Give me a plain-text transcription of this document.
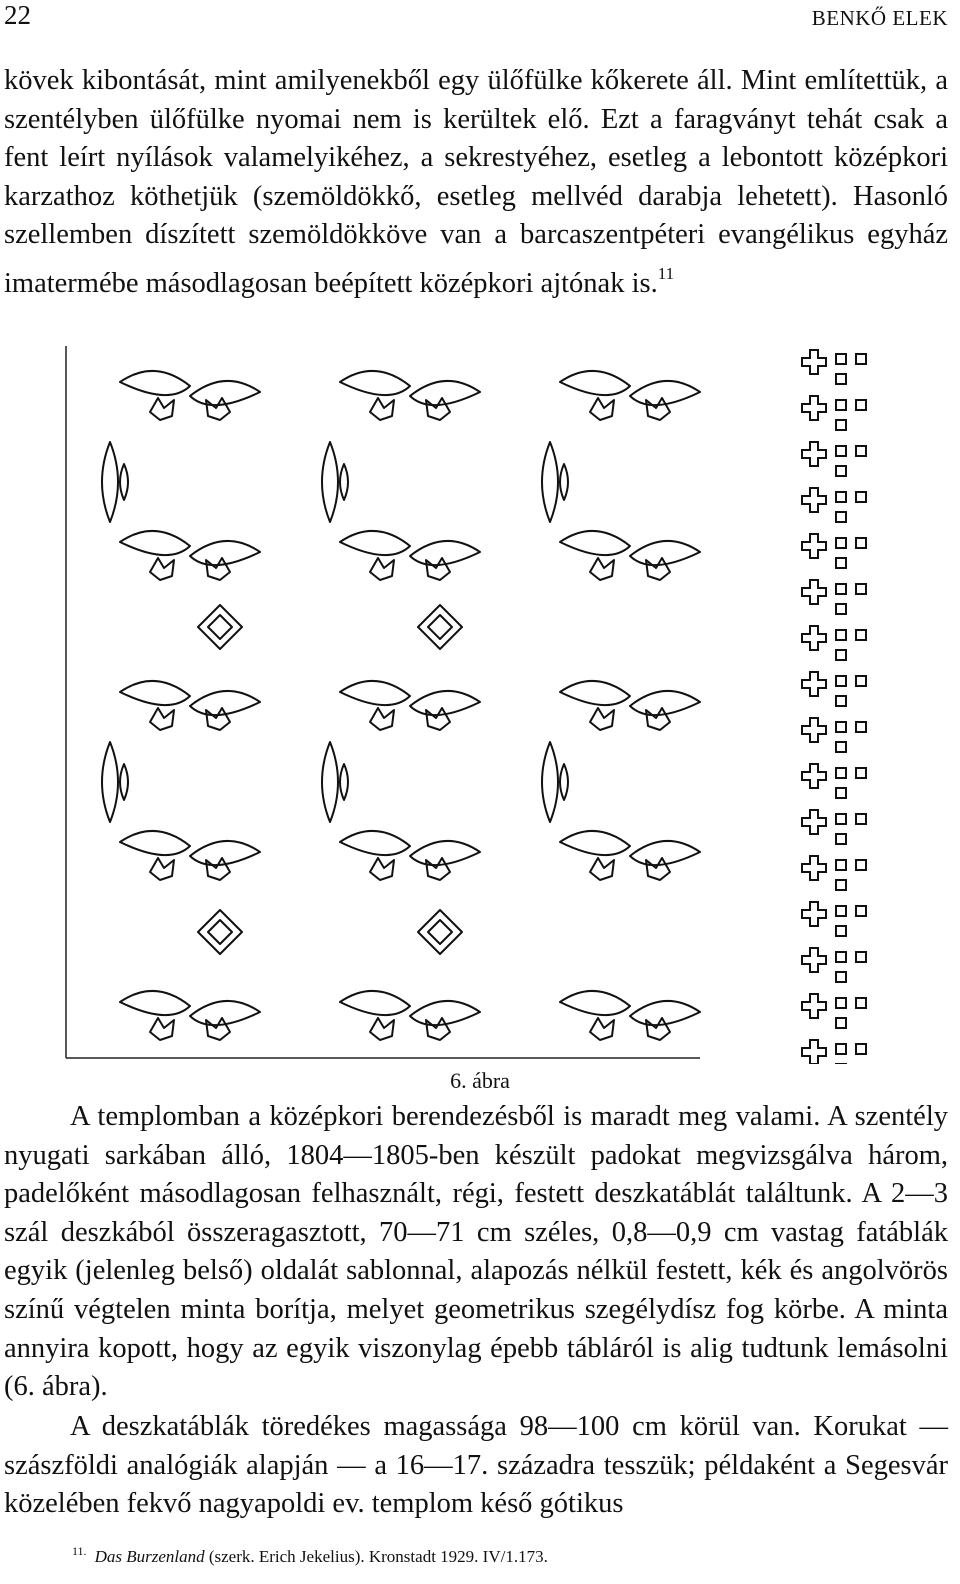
22	BENKŐ ELEK

kövek kibontását, mint amilyenekből egy ülőfülke kőkerete áll. Mint említettük, a szentélyben ülőfülke nyomai nem is kerültek elő. Ezt a faragványt tehát csak a fent leírt nyílások valamelyikéhez, a sekrestyéhez, esetleg a lebontott középkori karzathoz köthetjük (szemöldökkő, esetleg mellvéd darabja lehetett). Hasonló szellemben díszített szemöldökköve van a barcaszentpéteri evangélikus egyház imatermébe másodlagosan beépített középkori ajtónak is.$^{11}$

6. ábra

A templomban a középkori berendezésből is maradt meg valami. A szentély nyugati sarkában álló, 1804—1805-ben készült padokat megvizsgálva három, padelőként másodlagosan felhasznált, régi, festett deszkatáblát találtunk. A 2—3 szál deszkából összeragasztott, 70—71 cm széles, 0,8—0,9 cm vastag fatáblák egyik (jelenleg belső) oldalát sablonnal, alapozás nélkül festett, kék és angolvörös színű végtelen minta borítja, melyet geometrikus szegélydísz fog körbe. A minta annyira kopott, hogy az egyik viszonylag épebb tábláról is alig tudtunk lemásolni (6. ábra).

A deszkatáblák töredékes magassága 98—100 cm körül van. Korukat — szászföldi analógiák alapján — a 16—17. századra tesszük; példaként a Segesvár közelében fekvő nagyapoldi ev. templom késő gótikus

$^{11.}$ Das Burzenland (szerk. Erich Jekelius). Kronstadt 1929. IV/1.173.
